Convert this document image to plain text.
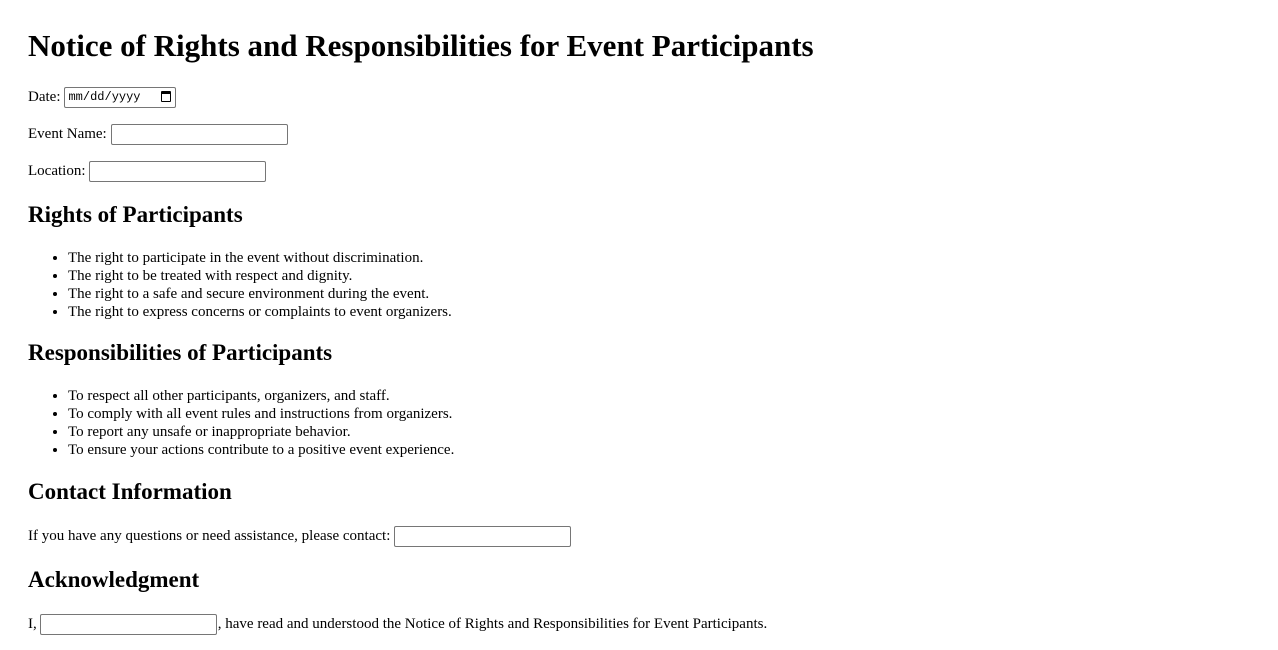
Notice of Rights and Responsibilities for Event Participants
Date: mm/dd/yyyy
Event Name:
Location:
Rights of Participants
• The right to participate in the event without discrimination.
• The right to be treated with respect and dignity.
• The right to a safe and secure environment during the event.
• The right to express concerns or complaints to event organizers.
Responsibilities of Participants
• To respect all other participants, organizers, and staff.
• To comply with all event rules and instructions from organizers.
• To report any unsafe or inappropriate behavior.
• To ensure your actions contribute to a positive event experience.
Contact Information
If you have any questions or need assistance, please contact:
Acknowledgment
I,	, have read and understood the Notice of Rights and Responsibilities for Event Participants.
